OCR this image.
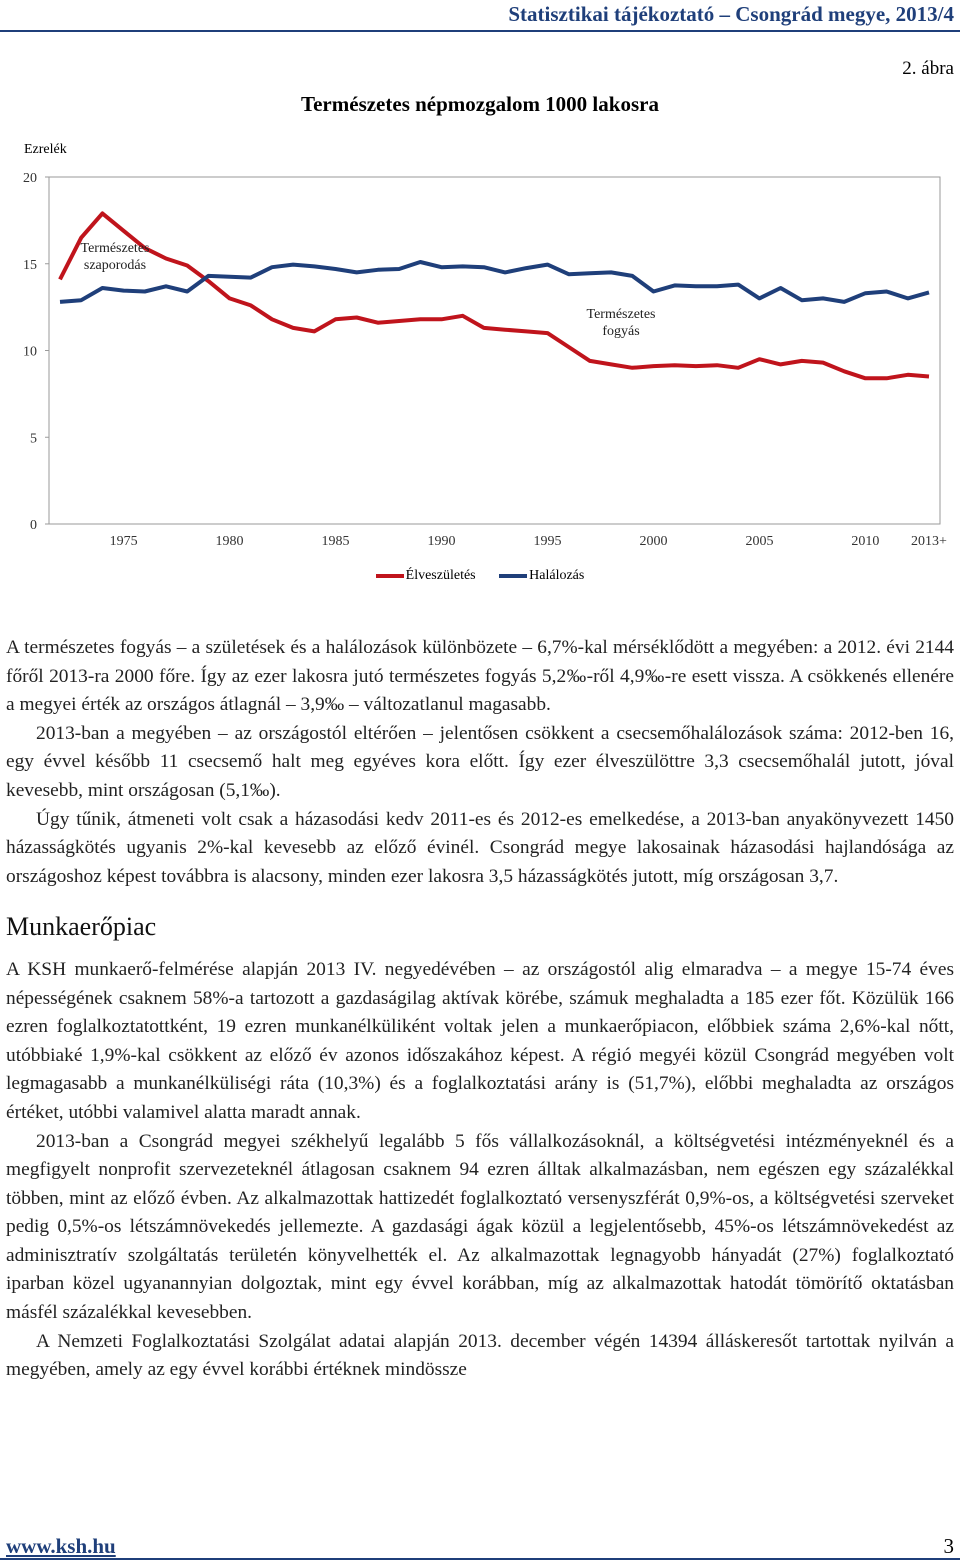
Statisztikai tájékoztató – Csongrád megye, 2013/4
2. ábra
Természetes népmozgalom 1000 lakosra
Ezrelék
0
5
10
15
20
1975	1980	1985	1990	1995	2000	2005	2010 2013+
Természetes
szaporodás
Természetes
fogyás
Élveszületés	Halálozás

A természetes fogyás – a születések és a halálozások különbözete – 6,7%-kal mérséklődött a megyében: a 2012. évi 2144 főről 2013-ra 2000 főre. Így az ezer lakosra jutó természetes fogyás 5,2‰-ről 4,9‰-re esett vissza. A csökkenés ellenére a megyei érték az országos átlagnál – 3,9‰ – változatlanul magasabb.

2013-ban a megyében – az országostól eltérően – jelentősen csökkent a csecsemőhalálozások száma: 2012-ben 16, egy évvel később 11 csecsemő halt meg egyéves kora előtt. Így ezer élveszülöttre 3,3 csecsemőhalál jutott, jóval kevesebb, mint országosan (5,1‰).

Úgy tűnik, átmeneti volt csak a házasodási kedv 2011-es és 2012-es emelkedése, a 2013-ban anyakönyvezett 1450 házasságkötés ugyanis 2%-kal kevesebb az előző évinél. Csongrád megye lakosainak házasodási hajlandósága az országoshoz képest továbbra is alacsony, minden ezer lakosra 3,5 házasságkötés jutott, míg országosan 3,7.

Munkaerőpiac

A KSH munkaerő-felmérése alapján 2013 IV. negyedévében – az országostól alig elmaradva – a megye 15-74 éves népességének csaknem 58%-a tartozott a gazdaságilag aktívak körébe, számuk meghaladta a 185 ezer főt. Közülük 166 ezren foglalkoztatottként, 19 ezren munkanélküliként voltak jelen a munkaerőpiacon, előbbiek száma 2,6%-kal nőtt, utóbbiaké 1,9%-kal csökkent az előző év azonos időszakához képest. A régió megyéi közül Csongrád megyében volt legmagasabb a munkanélküliségi ráta (10,3%) és a foglalkoztatási arány is (51,7%), előbbi meghaladta az országos értéket, utóbbi valamivel alatta maradt annak.

2013-ban a Csongrád megyei székhelyű legalább 5 fős vállalkozásoknál, a költségvetési intézményeknél és a megfigyelt nonprofit szervezeteknél átlagosan csaknem 94 ezren álltak alkalmazásban, nem egészen egy százalékkal többen, mint az előző évben. Az alkalmazottak hattizedét foglalkoztató versenyszférát 0,9%-os, a költségvetési szerveket pedig 0,5%-os létszámnövekedés jellemezte. A gazdasági ágak közül a legjelentősebb, 45%-os létszámnövekedést az adminisztratív szolgáltatás területén könyvelhették el. Az alkalmazottak legnagyobb hányadát (27%) foglalkoztató iparban közel ugyanannyian dolgoztak, mint egy évvel korábban, míg az alkalmazottak hatodát tömörítő oktatásban másfél százalékkal kevesebben.

A Nemzeti Foglalkoztatási Szolgálat adatai alapján 2013. december végén 14394 álláskeresőt tartottak nyilván a megyében, amely az egy évvel korábbi értéknek mindössze

www.ksh.hu	3
